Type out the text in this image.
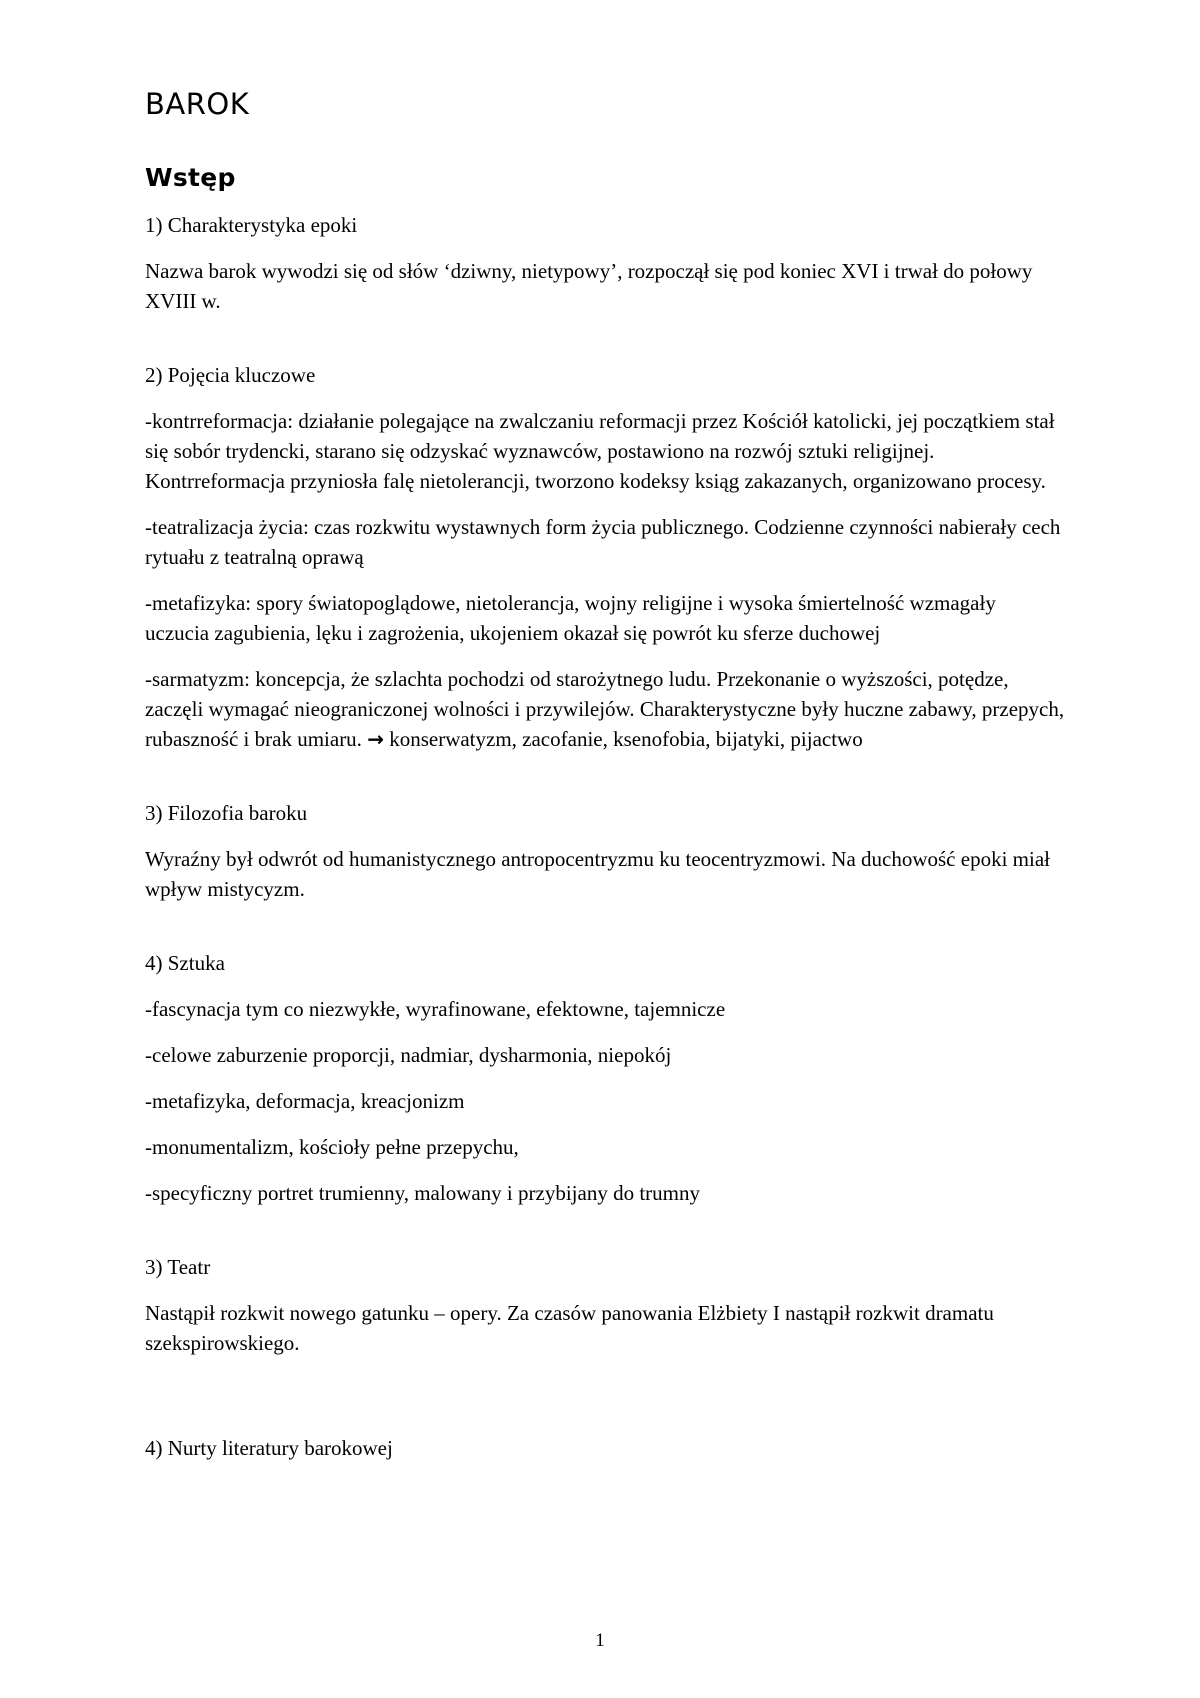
BAROK
Wstęp

1) Charakterystyka epoki

Nazwa barok wywodzi się od słów ‘dziwny, nietypowy’, rozpoczął się pod koniec XVI i trwał do połowy XVIII w.

2) Pojęcia kluczowe

-kontrreformacja: działanie polegające na zwalczaniu reformacji przez Kościół katolicki, jej początkiem stał się sobór trydencki, starano się odzyskać wyznawców, postawiono na rozwój sztuki religijnej. Kontrreformacja przyniosła falę nietolerancji, tworzono kodeksy ksiąg zakazanych, organizowano procesy.

-teatralizacja życia: czas rozkwitu wystawnych form życia publicznego. Codzienne czynności nabierały cech rytuału z teatralną oprawą

-metafizyka: spory światopoglądowe, nietolerancja, wojny religijne i wysoka śmiertelność wzmagały uczucia zagubienia, lęku i zagrożenia, ukojeniem okazał się powrót ku sferze duchowej

-sarmatyzm: koncepcja, że szlachta pochodzi od starożytnego ludu. Przekonanie o wyższości, potędze, zaczęli wymagać nieograniczonej wolności i przywilejów. Charakterystyczne były huczne zabawy, przepych, rubaszność i brak umiaru. → konserwatyzm, zacofanie, ksenofobia, bijatyki, pijactwo

3) Filozofia baroku

Wyraźny był odwrót od humanistycznego antropocentryzmu ku teocentryzmowi. Na duchowość epoki miał wpływ mistycyzm.

4) Sztuka

-fascynacja tym co niezwykłe, wyrafinowane, efektowne, tajemnicze

-celowe zaburzenie proporcji, nadmiar, dysharmonia, niepokój

-metafizyka, deformacja, kreacjonizm

-monumentalizm, kościoły pełne przepychu,

-specyficzny portret trumienny, malowany i przybijany do trumny

3) Teatr

Nastąpił rozkwit nowego gatunku – opery. Za czasów panowania Elżbiety I nastąpił rozkwit dramatu szekspirowskiego.

4) Nurty literatury barokowej

1
